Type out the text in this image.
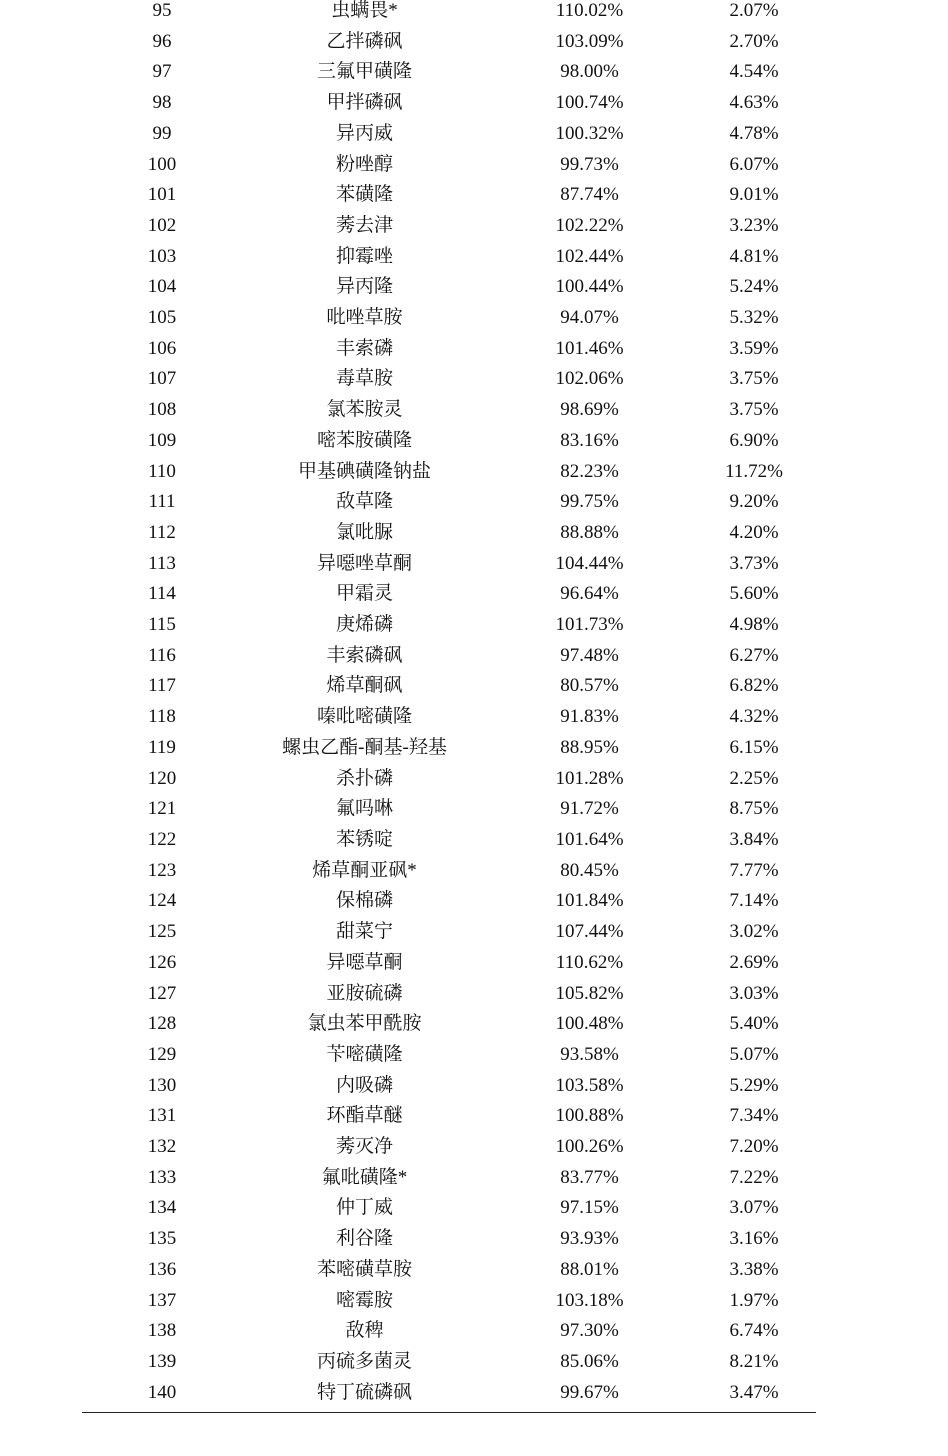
95	虫螨畏*	110.02%	2.07%
96	乙拌磷砜	103.09%	2.70%
97	三氟甲磺隆	98.00%	4.54%
98	甲拌磷砜	100.74%	4.63%
99	异丙威	100.32%	4.78%
100	粉唑醇	99.73%	6.07%
101	苯磺隆	87.74%	9.01%
102	莠去津	102.22%	3.23%
103	抑霉唑	102.44%	4.81%
104	异丙隆	100.44%	5.24%
105	吡唑草胺	94.07%	5.32%
106	丰索磷	101.46%	3.59%
107	毒草胺	102.06%	3.75%
108	氯苯胺灵	98.69%	3.75%
109	嘧苯胺磺隆	83.16%	6.90%
110	甲基碘磺隆钠盐	82.23%	11.72%
111	敌草隆	99.75%	9.20%
112	氯吡脲	88.88%	4.20%
113	异噁唑草酮	104.44%	3.73%
114	甲霜灵	96.64%	5.60%
115	庚烯磷	101.73%	4.98%
116	丰索磷砜	97.48%	6.27%
117	烯草酮砜	80.57%	6.82%
118	嗪吡嘧磺隆	91.83%	4.32%
119	螺虫乙酯-酮基-羟基	88.95%	6.15%
120	杀扑磷	101.28%	2.25%
121	氟吗啉	91.72%	8.75%
122	苯锈啶	101.64%	3.84%
123	烯草酮亚砜*	80.45%	7.77%
124	保棉磷	101.84%	7.14%
125	甜菜宁	107.44%	3.02%
126	异噁草酮	110.62%	2.69%
127	亚胺硫磷	105.82%	3.03%
128	氯虫苯甲酰胺	100.48%	5.40%
129	苄嘧磺隆	93.58%	5.07%
130	内吸磷	103.58%	5.29%
131	环酯草醚	100.88%	7.34%
132	莠灭净	100.26%	7.20%
133	氟吡磺隆*	83.77%	7.22%
134	仲丁威	97.15%	3.07%
135	利谷隆	93.93%	3.16%
136	苯嘧磺草胺	88.01%	3.38%
137	嘧霉胺	103.18%	1.97%
138	敌稗	97.30%	6.74%
139	丙硫多菌灵	85.06%	8.21%
140	特丁硫磷砜	99.67%	3.47%
